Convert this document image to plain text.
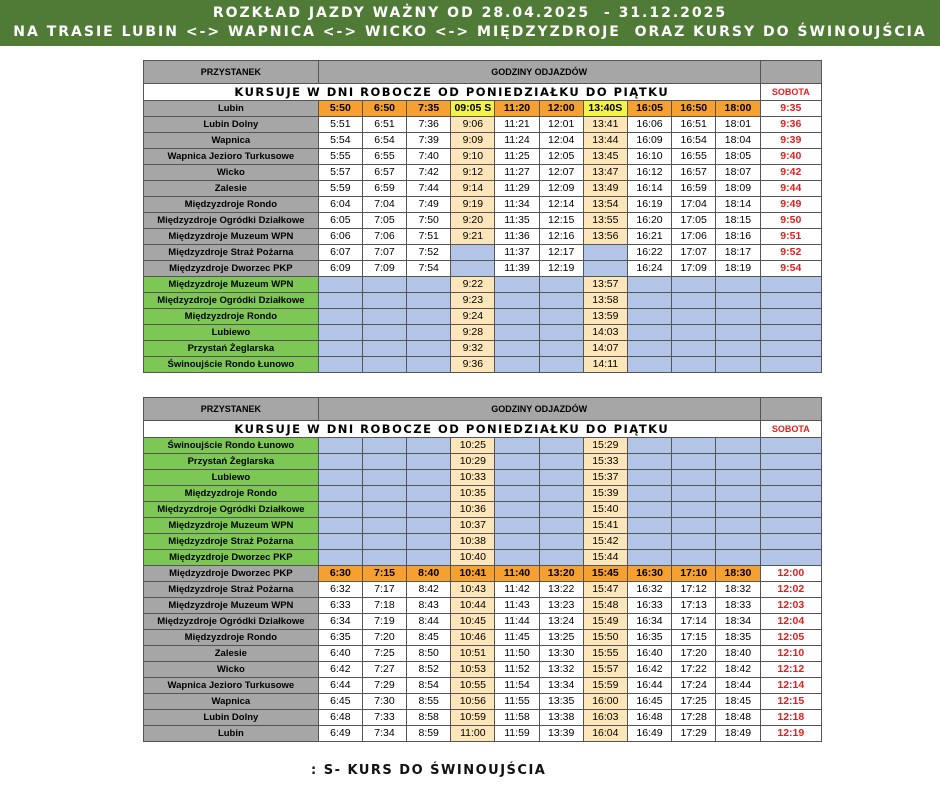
ROZKŁAD JAZDY WAŻNY OD 28.04.2025  - 31.12.2025
NA TRASIE LUBIN <-> WAPNICA <-> WICKO <-> MIĘDZYZDROJE  ORAZ KURSY DO ŚWINOUJŚCIA
PRZYSTANEK	GODZINY ODJAZDÓW										
KURSUJE W DNI ROBOCZE OD PONIEDZIAŁKU DO PIĄTKU											SOBOTA
Lubin	5:50	6:50	7:35	09:05 S	11:20	12:00	13:40S	16:05	16:50	18:00	9:35
Lubin Dolny	5:51	6:51	7:36	9:06	11:21	12:01	13:41	16:06	16:51	18:01	9:36
Wapnica	5:54	6:54	7:39	9:09	11:24	12:04	13:44	16:09	16:54	18:04	9:39
Wapnica Jezioro Turkusowe	5:55	6:55	7:40	9:10	11:25	12:05	13:45	16:10	16:55	18:05	9:40
Wicko	5:57	6:57	7:42	9:12	11:27	12:07	13:47	16:12	16:57	18:07	9:42
Zalesie	5:59	6:59	7:44	9:14	11:29	12:09	13:49	16:14	16:59	18:09	9:44
Międzyzdroje Rondo	6:04	7:04	7:49	9:19	11:34	12:14	13:54	16:19	17:04	18:14	9:49
Międzyzdroje Ogródki Działkowe	6:05	7:05	7:50	9:20	11:35	12:15	13:55	16:20	17:05	18:15	9:50
Międzyzdroje Muzeum WPN	6:06	7:06	7:51	9:21	11:36	12:16	13:56	16:21	17:06	18:16	9:51
Międzyzdroje Straż Pożarna	6:07	7:07	7:52		11:37	12:17		16:22	17:07	18:17	9:52
Międzyzdroje Dworzec PKP	6:09	7:09	7:54		11:39	12:19		16:24	17:09	18:19	9:54
Międzyzdroje Muzeum WPN				9:22			13:57				
Międzyzdroje Ogródki Działkowe				9:23			13:58				
Międzyzdroje Rondo				9:24			13:59				
Lubiewo				9:28			14:03				
Przystań Żeglarska				9:32			14:07				
Świnoujście Rondo Łunowo				9:36			14:11				
PRZYSTANEK	GODZINY ODJAZDÓW										
KURSUJE W DNI ROBOCZE OD PONIEDZIAŁKU DO PIĄTKU											SOBOTA
Świnoujście Rondo Łunowo				10:25			15:29				
Przystań Żeglarska				10:29			15:33				
Lubiewo				10:33			15:37				
Międzyzdroje Rondo				10:35			15:39				
Międzyzdroje Ogródki Działkowe				10:36			15:40				
Międzyzdroje Muzeum WPN				10:37			15:41				
Międzyzdroje Straż Pożarna				10:38			15:42				
Międzyzdroje Dworzec PKP				10:40			15:44				
Międzyzdroje Dworzec PKP	6:30	7:15	8:40	10:41	11:40	13:20	15:45	16:30	17:10	18:30	12:00
Międzyzdroje Straż Pożarna	6:32	7:17	8:42	10:43	11:42	13:22	15:47	16:32	17:12	18:32	12:02
Międzyzdroje Muzeum WPN	6:33	7:18	8:43	10:44	11:43	13:23	15:48	16:33	17:13	18:33	12:03
Międzyzdroje Ogródki Działkowe	6:34	7:19	8:44	10:45	11:44	13:24	15:49	16:34	17:14	18:34	12:04
Międzyzdroje Rondo	6:35	7:20	8:45	10:46	11:45	13:25	15:50	16:35	17:15	18:35	12:05
Zalesie	6:40	7:25	8:50	10:51	11:50	13:30	15:55	16:40	17:20	18:40	12:10
Wicko	6:42	7:27	8:52	10:53	11:52	13:32	15:57	16:42	17:22	18:42	12:12
Wapnica Jezioro Turkusowe	6:44	7:29	8:54	10:55	11:54	13:34	15:59	16:44	17:24	18:44	12:14
Wapnica	6:45	7:30	8:55	10:56	11:55	13:35	16:00	16:45	17:25	18:45	12:15
Lubin Dolny	6:48	7:33	8:58	10:59	11:58	13:38	16:03	16:48	17:28	18:48	12:18
Lubin	6:49	7:34	8:59	11:00	11:59	13:39	16:04	16:49	17:29	18:49	12:19
: S- KURS DO ŚWINOUJŚCIA
